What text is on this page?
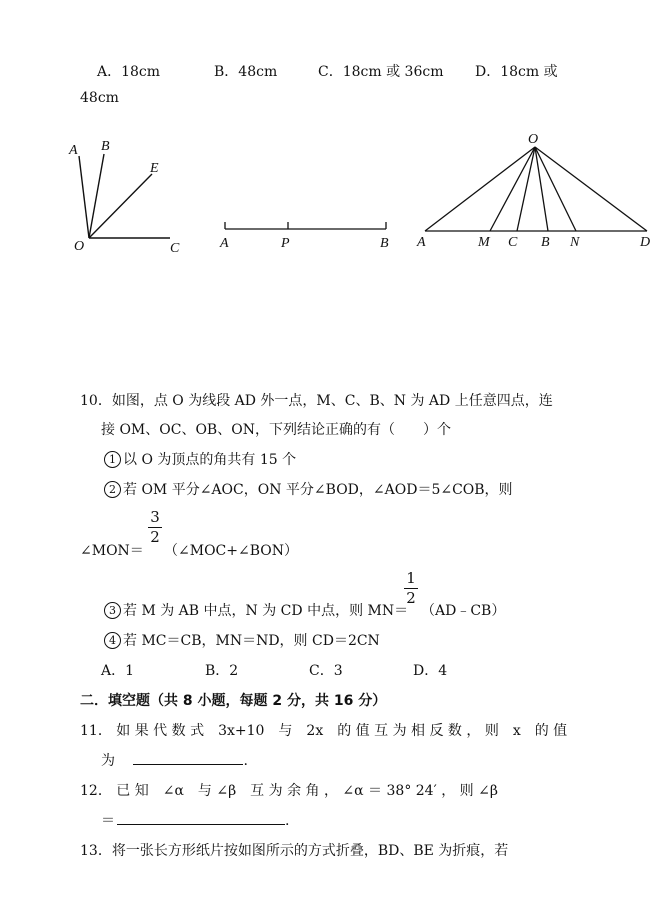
A．18cm	B．48cm	C．18cm 或 36cm D．18cm 或
48cm
A B
E
O	C	A	P	B
O
A	M C B N	D
10．如图，点 O 为线段 AD 外一点，M、C、B、N 为 AD 上任意四点，连
接 OM、OC、OB、ON，下列结论正确的有（　　）个
1 以 O 为顶点的角共有 15 个
2 若 OM 平分∠AOC，ON 平分∠BOD，∠AOD＝5∠COB，则
3
2
∠MON＝ （∠MOC+∠BON）
3 若 M 为 AB 中点，N 为 CD 中点，则 MN＝
1
2
（AD﹣CB）
4 若 MC＝CB，MN＝ND，则 CD＝2CN
A．1	B．2	C．3	D．4
二．填空题（共 8 小题，每题 2 分，共 16 分）
11． 如 果 代 数 式　3x+10　与　2x　的 值 互 为 相 反 数 ， 则　x　的 值
为	.
12． 已 知　∠α　与 ∠β　互 为 余 角 ， ∠α ＝ 38° 24′ ， 则 ∠β
＝	.
13．将一张长方形纸片按如图所示的方式折叠，BD、BE 为折痕，若
